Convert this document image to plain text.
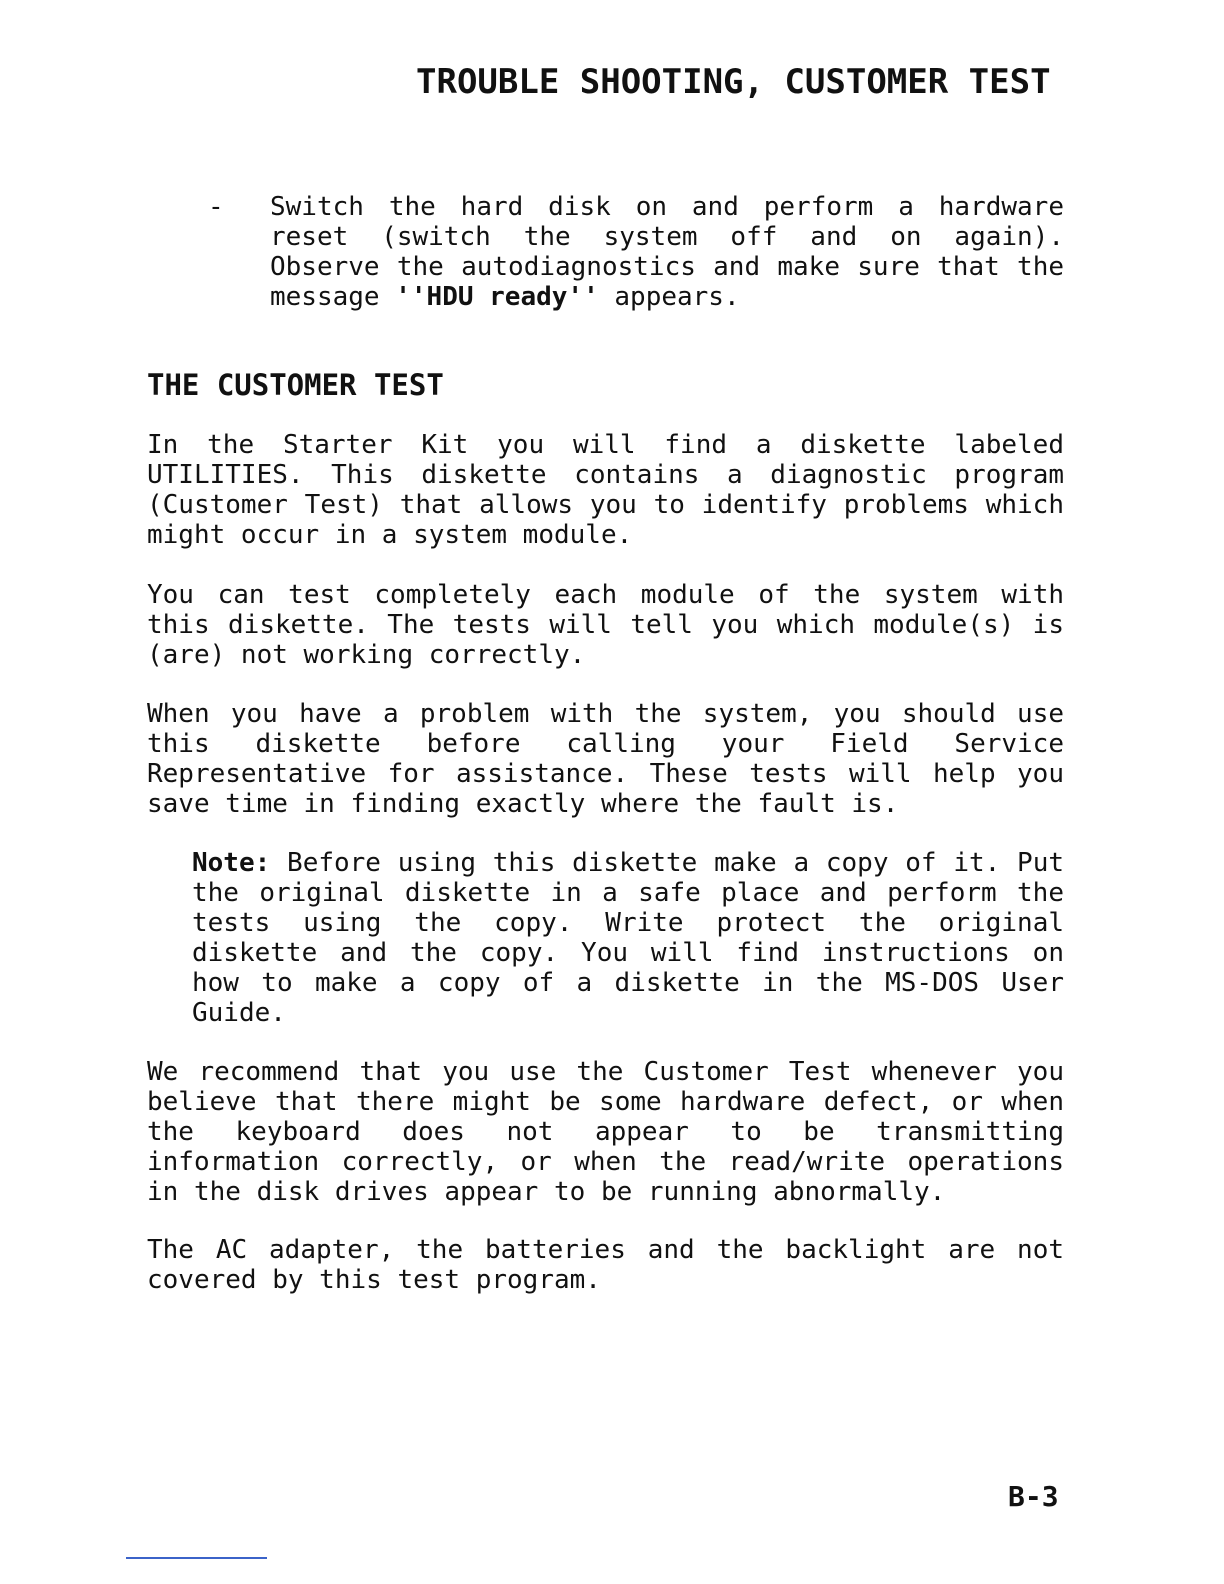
TROUBLE SHOOTING, CUSTOMER TEST
- Switch the hard disk on and perform a hardware reset (switch the system off and on again). Observe the autodiagnostics and make sure that the message ''HDU ready'' appears.

THE CUSTOMER TEST

In the Starter Kit you will find a diskette labeled UTILITIES. This diskette contains a diagnostic program (Customer Test) that allows you to identify problems which might occur in a system module.

You can test completely each module of the system with this diskette. The tests will tell you which module(s) is (are) not working correctly.

When you have a problem with the system, you should use this diskette before calling your Field Service Representative for assistance. These tests will help you save time in finding exactly where the fault is.

Note: Before using this diskette make a copy of it. Put the original diskette in a safe place and perform the tests using the copy. Write protect the original diskette and the copy. You will find instructions on how to make a copy of a diskette in the MS-DOS User Guide.

We recommend that you use the Customer Test whenever you believe that there might be some hardware defect, or when the keyboard does not appear to be transmitting information correctly, or when the read/write operations in the disk drives appear to be running abnormally.

The AC adapter, the batteries and the backlight are not covered by this test program.

B-3
